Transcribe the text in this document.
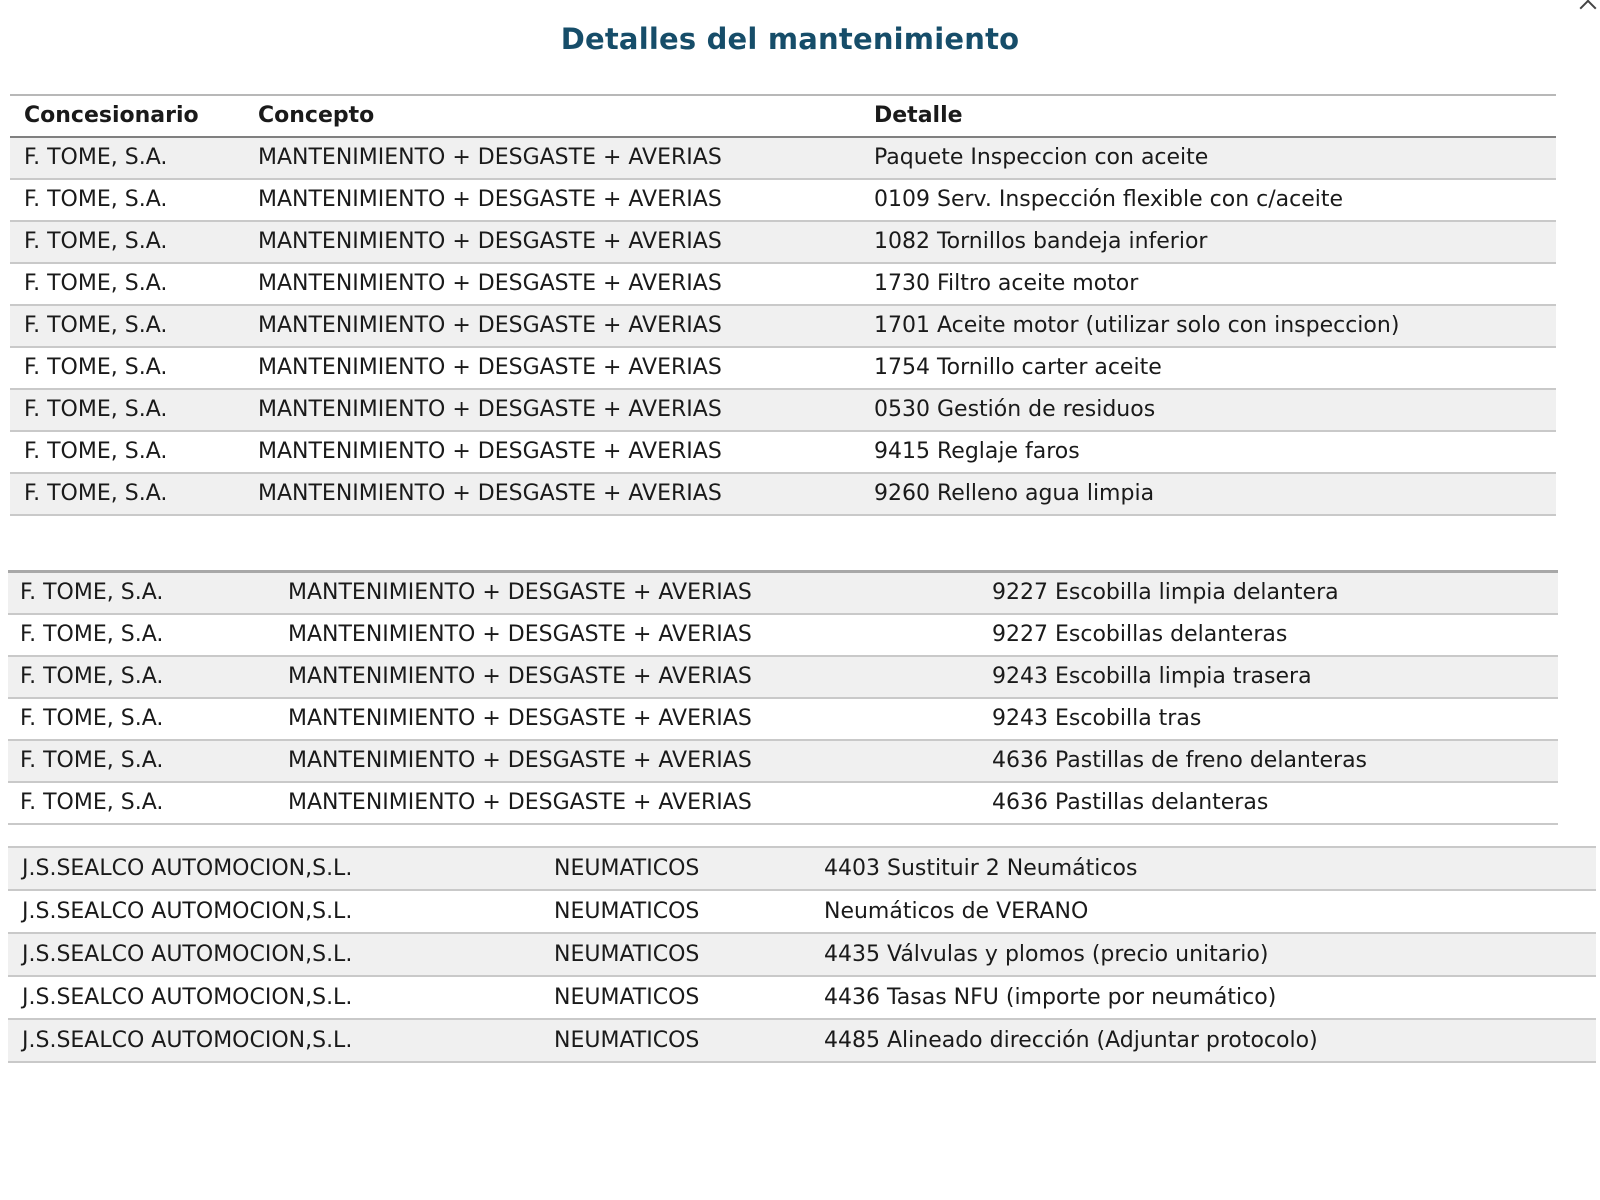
Detalles del mantenimiento
Concesionario	Concepto	Detalle
F. TOME, S.A.	MANTENIMIENTO + DESGASTE + AVERIAS	Paquete Inspeccion con aceite
F. TOME, S.A.	MANTENIMIENTO + DESGASTE + AVERIAS	0109 Serv. Inspección flexible con c/aceite
F. TOME, S.A.	MANTENIMIENTO + DESGASTE + AVERIAS	1082 Tornillos bandeja inferior
F. TOME, S.A.	MANTENIMIENTO + DESGASTE + AVERIAS	1730 Filtro aceite motor
F. TOME, S.A.	MANTENIMIENTO + DESGASTE + AVERIAS	1701 Aceite motor (utilizar solo con inspeccion)
F. TOME, S.A.	MANTENIMIENTO + DESGASTE + AVERIAS	1754 Tornillo carter aceite
F. TOME, S.A.	MANTENIMIENTO + DESGASTE + AVERIAS	0530 Gestión de residuos
F. TOME, S.A.	MANTENIMIENTO + DESGASTE + AVERIAS	9415 Reglaje faros
F. TOME, S.A.	MANTENIMIENTO + DESGASTE + AVERIAS	9260 Relleno agua limpia
F. TOME, S.A.	MANTENIMIENTO + DESGASTE + AVERIAS	9227 Escobilla limpia delantera
F. TOME, S.A.	MANTENIMIENTO + DESGASTE + AVERIAS	9227 Escobillas delanteras
F. TOME, S.A.	MANTENIMIENTO + DESGASTE + AVERIAS	9243 Escobilla limpia trasera
F. TOME, S.A.	MANTENIMIENTO + DESGASTE + AVERIAS	9243 Escobilla tras
F. TOME, S.A.	MANTENIMIENTO + DESGASTE + AVERIAS	4636 Pastillas de freno delanteras
F. TOME, S.A.	MANTENIMIENTO + DESGASTE + AVERIAS	4636 Pastillas delanteras
J.S.SEALCO AUTOMOCION,S.L.	NEUMATICOS	4403 Sustituir 2 Neumáticos
J.S.SEALCO AUTOMOCION,S.L.	NEUMATICOS	Neumáticos de VERANO
J.S.SEALCO AUTOMOCION,S.L.	NEUMATICOS	4435 Válvulas y plomos (precio unitario)
J.S.SEALCO AUTOMOCION,S.L.	NEUMATICOS	4436 Tasas NFU (importe por neumático)
J.S.SEALCO AUTOMOCION,S.L.	NEUMATICOS	4485 Alineado dirección (Adjuntar protocolo)
